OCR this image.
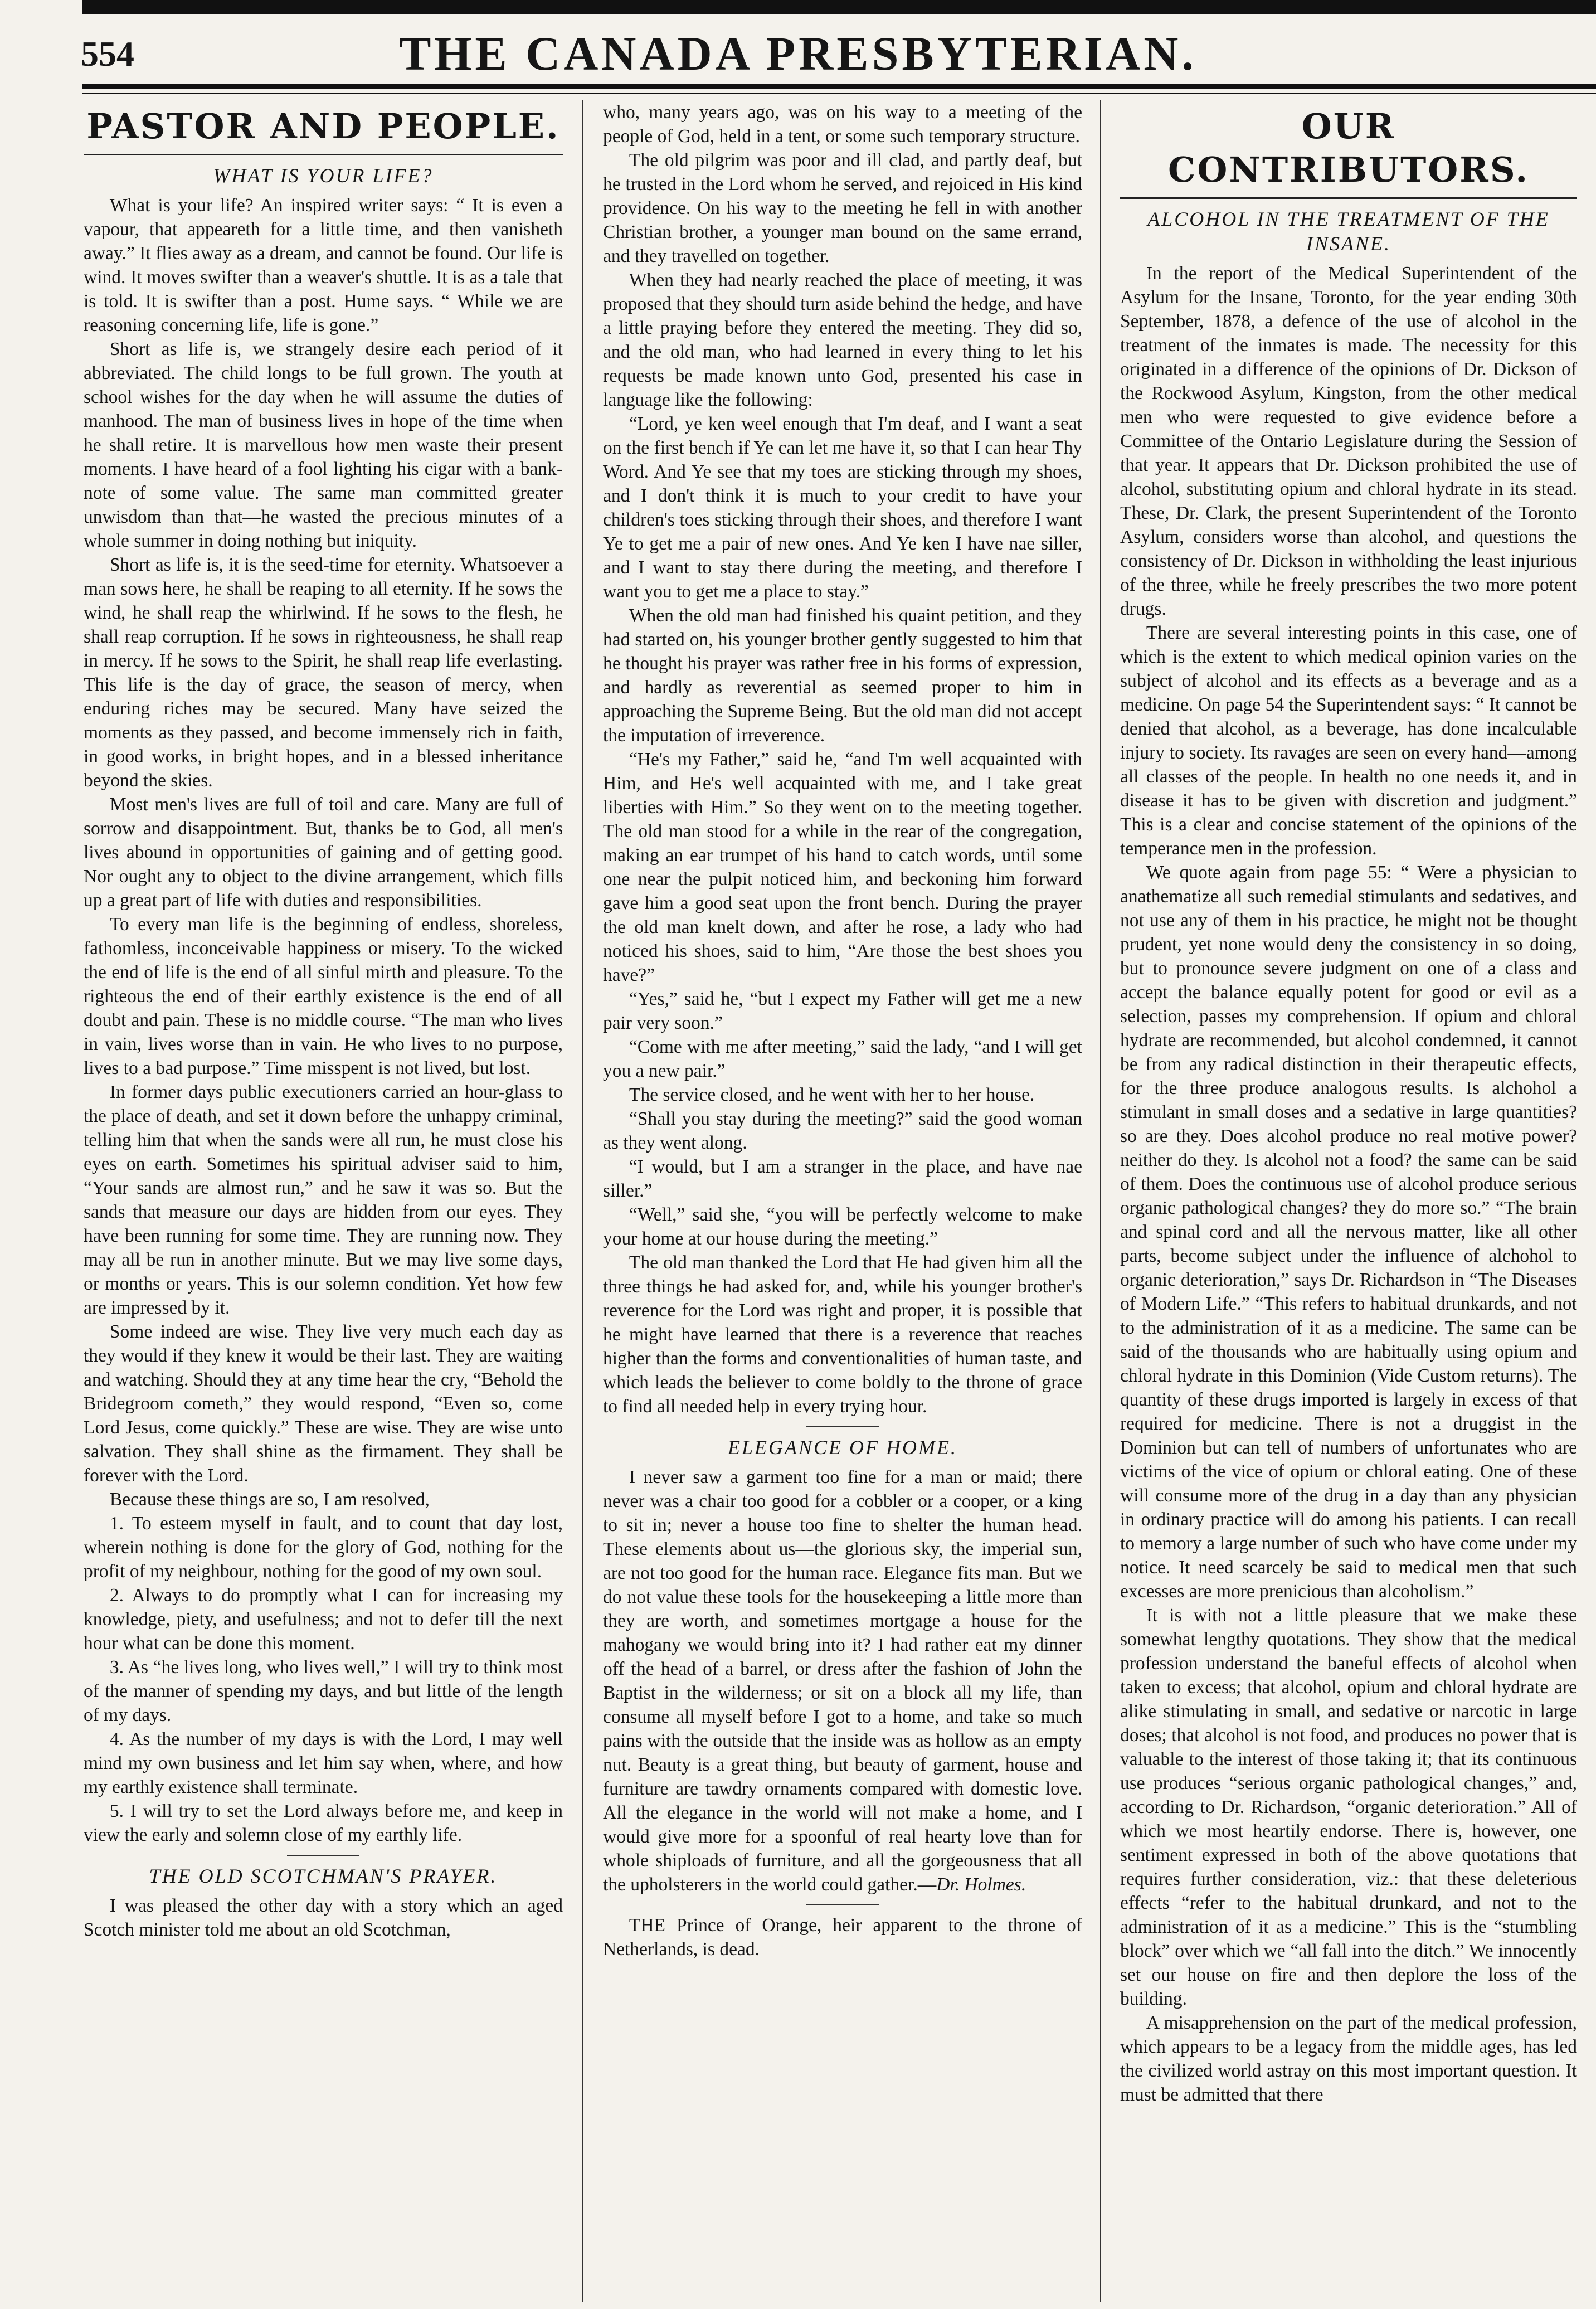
554	THE CANADA PRESBYTERIAN.
PASTOR AND PEOPLE.
WHAT IS YOUR LIFE?

What is your life? An inspired writer says: “ It is even a vapour, that appeareth for a little time, and then vanisheth away.” It flies away as a dream, and cannot be found. Our life is wind. It moves swifter than a weaver's shuttle. It is as a tale that is told. It is swifter than a post. Hume says. “ While we are reasoning concerning life, life is gone.”

Short as life is, we strangely desire each period of it abbreviated. The child longs to be full grown. The youth at school wishes for the day when he will assume the duties of manhood. The man of business lives in hope of the time when he shall retire. It is marvellous how men waste their present moments. I have heard of a fool lighting his cigar with a bank-note of some value. The same man committed greater unwisdom than that—he wasted the precious minutes of a whole summer in doing nothing but iniquity.

Short as life is, it is the seed-time for eternity. Whatsoever a man sows here, he shall be reaping to all eternity. If he sows the wind, he shall reap the whirlwind. If he sows to the flesh, he shall reap corruption. If he sows in righteousness, he shall reap in mercy. If he sows to the Spirit, he shall reap life everlasting. This life is the day of grace, the season of mercy, when enduring riches may be secured. Many have seized the moments as they passed, and become immensely rich in faith, in good works, in bright hopes, and in a blessed inheritance beyond the skies.

Most men's lives are full of toil and care. Many are full of sorrow and disappointment. But, thanks be to God, all men's lives abound in opportunities of gaining and of getting good. Nor ought any to object to the divine arrangement, which fills up a great part of life with duties and responsibilities.

To every man life is the beginning of endless, shoreless, fathomless, inconceivable happiness or misery. To the wicked the end of life is the end of all sinful mirth and pleasure. To the righteous the end of their earthly existence is the end of all doubt and pain. These is no middle course. “The man who lives in vain, lives worse than in vain. He who lives to no purpose, lives to a bad purpose.” Time misspent is not lived, but lost.

In former days public executioners carried an hour-glass to the place of death, and set it down before the unhappy criminal, telling him that when the sands were all run, he must close his eyes on earth. Sometimes his spiritual adviser said to him, “Your sands are almost run,” and he saw it was so. But the sands that measure our days are hidden from our eyes. They have been running for some time. They are running now. They may all be run in another minute. But we may live some days, or months or years. This is our solemn condition. Yet how few are impressed by it.

Some indeed are wise. They live very much each day as they would if they knew it would be their last. They are waiting and watching. Should they at any time hear the cry, “Behold the Bridegroom cometh,” they would respond, “Even so, come Lord Jesus, come quickly.” These are wise. They are wise unto salvation. They shall shine as the firmament. They shall be forever with the Lord.

Because these things are so, I am resolved,

1. To esteem myself in fault, and to count that day lost, wherein nothing is done for the glory of God, nothing for the profit of my neighbour, nothing for the good of my own soul.

2. Always to do promptly what I can for increasing my knowledge, piety, and usefulness; and not to defer till the next hour what can be done this moment.

3. As “he lives long, who lives well,” I will try to think most of the manner of spending my days, and but little of the length of my days.

4. As the number of my days is with the Lord, I may well mind my own business and let him say when, where, and how my earthly existence shall terminate.

5. I will try to set the Lord always before me, and keep in view the early and solemn close of my earthly life.

THE OLD SCOTCHMAN'S PRAYER.

I was pleased the other day with a story which an aged Scotch minister told me about an old Scotchman,

who, many years ago, was on his way to a meeting of the people of God, held in a tent, or some such temporary structure.

The old pilgrim was poor and ill clad, and partly deaf, but he trusted in the Lord whom he served, and rejoiced in His kind providence. On his way to the meeting he fell in with another Christian brother, a younger man bound on the same errand, and they travelled on together.

When they had nearly reached the place of meeting, it was proposed that they should turn aside behind the hedge, and have a little praying before they entered the meeting. They did so, and the old man, who had learned in every thing to let his requests be made known unto God, presented his case in language like the following:

“Lord, ye ken weel enough that I'm deaf, and I want a seat on the first bench if Ye can let me have it, so that I can hear Thy Word. And Ye see that my toes are sticking through my shoes, and I don't think it is much to your credit to have your children's toes sticking through their shoes, and therefore I want Ye to get me a pair of new ones. And Ye ken I have nae siller, and I want to stay there during the meeting, and therefore I want you to get me a place to stay.”

When the old man had finished his quaint petition, and they had started on, his younger brother gently suggested to him that he thought his prayer was rather free in his forms of expression, and hardly as reverential as seemed proper to him in approaching the Supreme Being. But the old man did not accept the imputation of irreverence.

“He's my Father,” said he, “and I'm well acquainted with Him, and He's well acquainted with me, and I take great liberties with Him.” So they went on to the meeting together. The old man stood for a while in the rear of the congregation, making an ear trumpet of his hand to catch words, until some one near the pulpit noticed him, and beckoning him forward gave him a good seat upon the front bench. During the prayer the old man knelt down, and after he rose, a lady who had noticed his shoes, said to him, “Are those the best shoes you have?”

“Yes,” said he, “but I expect my Father will get me a new pair very soon.”

“Come with me after meeting,” said the lady, “and I will get you a new pair.”

The service closed, and he went with her to her house.

“Shall you stay during the meeting?” said the good woman as they went along.

“I would, but I am a stranger in the place, and have nae siller.”

“Well,” said she, “you will be perfectly welcome to make your home at our house during the meeting.”

The old man thanked the Lord that He had given him all the three things he had asked for, and, while his younger brother's reverence for the Lord was right and proper, it is possible that he might have learned that there is a reverence that reaches higher than the forms and conventionalities of human taste, and which leads the believer to come boldly to the throne of grace to find all needed help in every trying hour.

ELEGANCE OF HOME.

I never saw a garment too fine for a man or maid; there never was a chair too good for a cobbler or a cooper, or a king to sit in; never a house too fine to shelter the human head. These elements about us—the glorious sky, the imperial sun, are not too good for the human race. Elegance fits man. But we do not value these tools for the housekeeping a little more than they are worth, and sometimes mortgage a house for the mahogany we would bring into it? I had rather eat my dinner off the head of a barrel, or dress after the fashion of John the Baptist in the wilderness; or sit on a block all my life, than consume all myself before I got to a home, and take so much pains with the outside that the inside was as hollow as an empty nut. Beauty is a great thing, but beauty of garment, house and furniture are tawdry ornaments compared with domestic love. All the elegance in the world will not make a home, and I would give more for a spoonful of real hearty love than for whole shiploads of furniture, and all the gorgeousness that all the upholsterers in the world could gather.—Dr. Holmes.

THE Prince of Orange, heir apparent to the throne of Netherlands, is dead.

OUR CONTRIBUTORS.
ALCOHOL IN THE TREATMENT OF THE INSANE.

In the report of the Medical Superintendent of the Asylum for the Insane, Toronto, for the year ending 30th September, 1878, a defence of the use of alcohol in the treatment of the inmates is made. The necessity for this originated in a difference of the opinions of Dr. Dickson of the Rockwood Asylum, Kingston, from the other medical men who were requested to give evidence before a Committee of the Ontario Legislature during the Session of that year. It appears that Dr. Dickson prohibited the use of alcohol, substituting opium and chloral hydrate in its stead. These, Dr. Clark, the present Superintendent of the Toronto Asylum, considers worse than alcohol, and questions the consistency of Dr. Dickson in withholding the least injurious of the three, while he freely prescribes the two more potent drugs.

There are several interesting points in this case, one of which is the extent to which medical opinion varies on the subject of alcohol and its effects as a beverage and as a medicine. On page 54 the Superintendent says: “ It cannot be denied that alcohol, as a beverage, has done incalculable injury to society. Its ravages are seen on every hand—among all classes of the people. In health no one needs it, and in disease it has to be given with discretion and judgment.” This is a clear and concise statement of the opinions of the temperance men in the profession.

We quote again from page 55: “ Were a physician to anathematize all such remedial stimulants and sedatives, and not use any of them in his practice, he might not be thought prudent, yet none would deny the consistency in so doing, but to pronounce severe judgment on one of a class and accept the balance equally potent for good or evil as a selection, passes my comprehension. If opium and chloral hydrate are recommended, but alcohol condemned, it cannot be from any radical distinction in their therapeutic effects, for the three produce analogous results. Is alchohol a stimulant in small doses and a sedative in large quantities? so are they. Does alcohol produce no real motive power? neither do they. Is alcohol not a food? the same can be said of them. Does the continuous use of alcohol produce serious organic pathological changes? they do more so.” “The brain and spinal cord and all the nervous matter, like all other parts, become subject under the influence of alchohol to organic deterioration,” says Dr. Richardson in “The Diseases of Modern Life.” “This refers to habitual drunkards, and not to the administration of it as a medicine. The same can be said of the thousands who are habitually using opium and chloral hydrate in this Dominion (Vide Custom returns). The quantity of these drugs imported is largely in excess of that required for medicine. There is not a druggist in the Dominion but can tell of numbers of unfortunates who are victims of the vice of opium or chloral eating. One of these will consume more of the drug in a day than any physician in ordinary practice will do among his patients. I can recall to memory a large number of such who have come under my notice. It need scarcely be said to medical men that such excesses are more prenicious than alcoholism.”

It is with not a little pleasure that we make these somewhat lengthy quotations. They show that the medical profession understand the baneful effects of alcohol when taken to excess; that alcohol, opium and chloral hydrate are alike stimulating in small, and sedative or narcotic in large doses; that alcohol is not food, and produces no power that is valuable to the interest of those taking it; that its continuous use produces “serious organic pathological changes,” and, according to Dr. Richardson, “organic deterioration.” All of which we most heartily endorse. There is, however, one sentiment expressed in both of the above quotations that requires further consideration, viz.: that these deleterious effects “refer to the habitual drunkard, and not to the administration of it as a medicine.” This is the “stumbling block” over which we “all fall into the ditch.” We innocently set our house on fire and then deplore the loss of the building.

A misapprehension on the part of the medical profession, which appears to be a legacy from the middle ages, has led the civilized world astray on this most important question. It must be admitted that there
